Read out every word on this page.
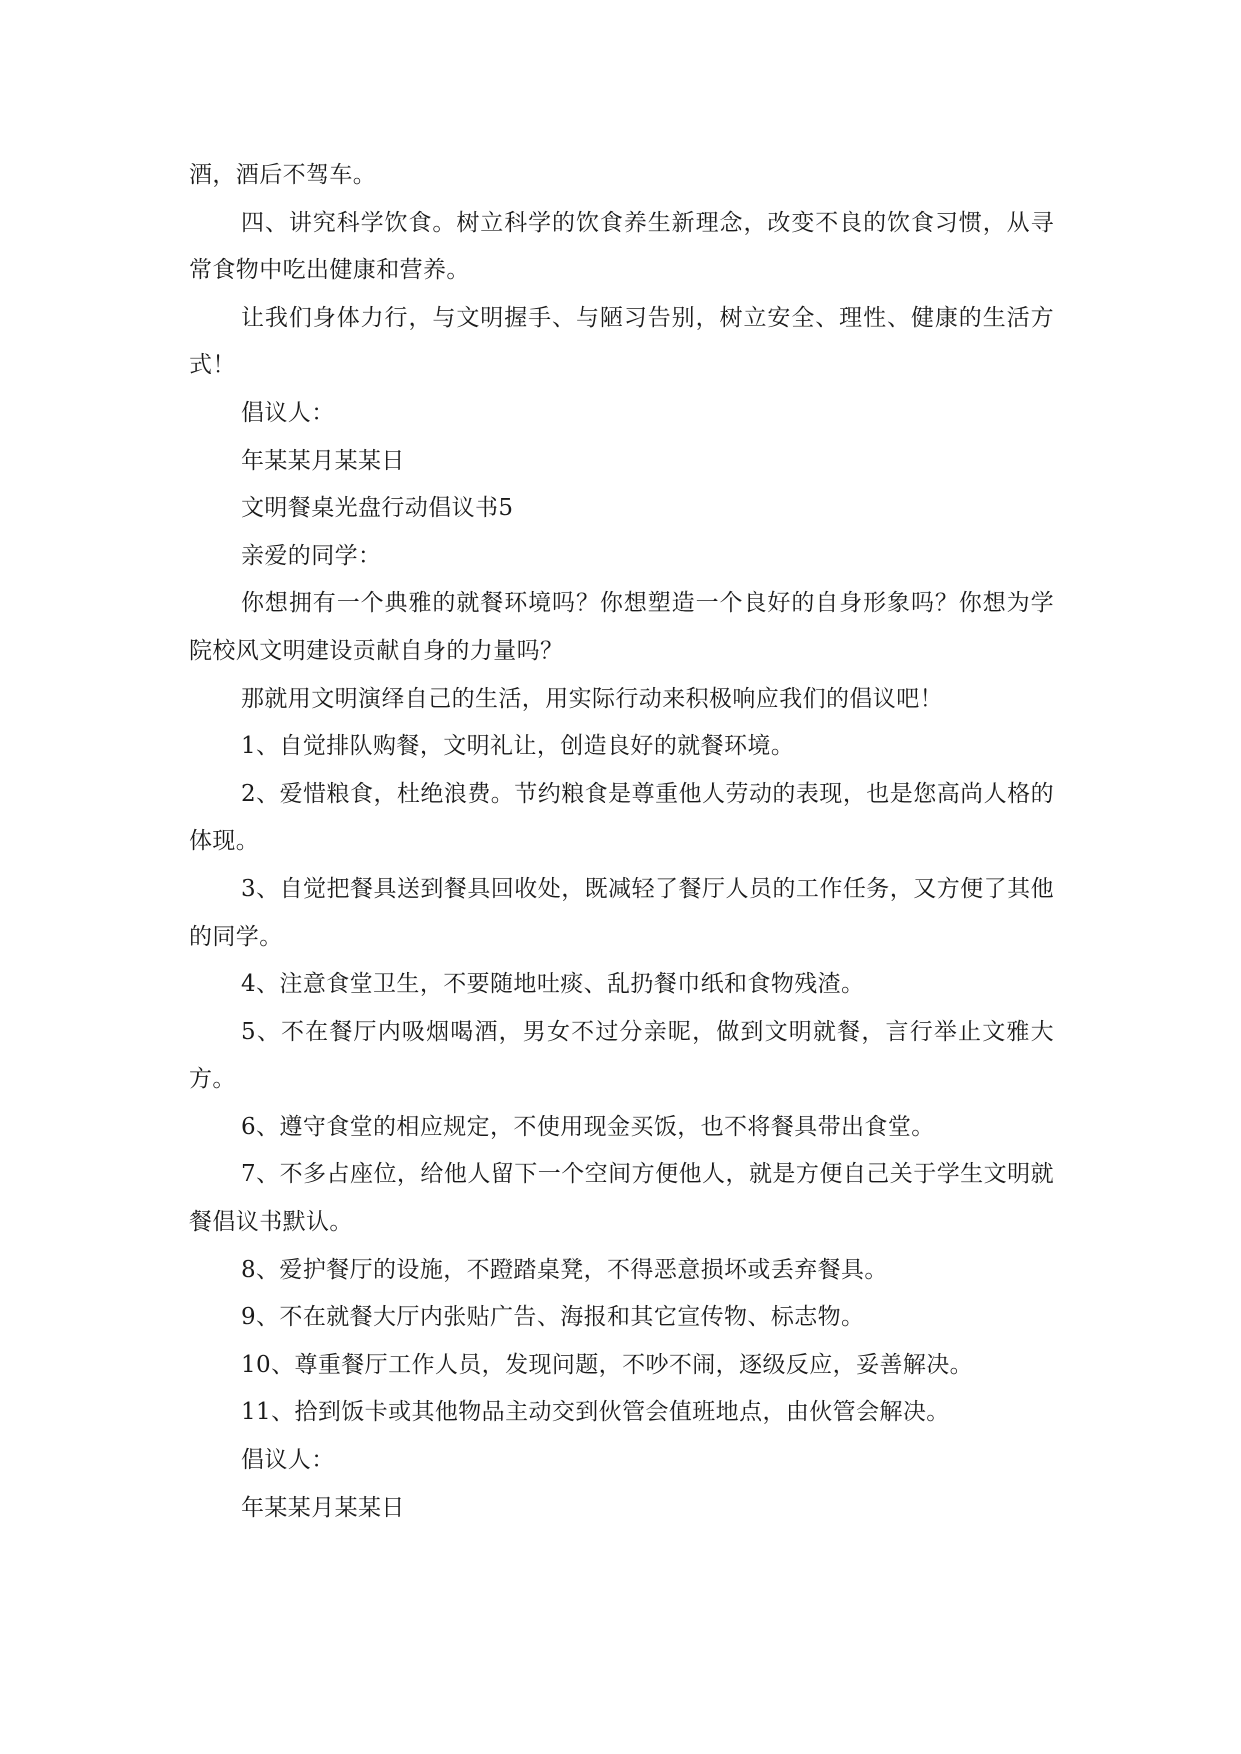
酒，酒后不驾车。

四、讲究科学饮食。树立科学的饮食养生新理念，改变不良的饮食习惯，从寻常食物中吃出健康和营养。

让我们身体力行，与文明握手、与陋习告别，树立安全、理性、健康的生活方式！

倡议人：

年某某月某某日

文明餐桌光盘行动倡议书5

亲爱的同学：

你想拥有一个典雅的就餐环境吗？你想塑造一个良好的自身形象吗？你想为学院校风文明建设贡献自身的力量吗？

那就用文明演绎自己的生活，用实际行动来积极响应我们的倡议吧！

1、自觉排队购餐，文明礼让，创造良好的就餐环境。

2、爱惜粮食，杜绝浪费。节约粮食是尊重他人劳动的表现，也是您高尚人格的体现。

3、自觉把餐具送到餐具回收处，既减轻了餐厅人员的工作任务，又方便了其他的同学。

4、注意食堂卫生，不要随地吐痰、乱扔餐巾纸和食物残渣。

5、不在餐厅内吸烟喝酒，男女不过分亲昵，做到文明就餐，言行举止文雅大方。

6、遵守食堂的相应规定，不使用现金买饭，也不将餐具带出食堂。

7、不多占座位，给他人留下一个空间方便他人，就是方便自己关于学生文明就餐倡议书默认。

8、爱护餐厅的设施，不蹬踏桌凳，不得恶意损坏或丢弃餐具。

9、不在就餐大厅内张贴广告、海报和其它宣传物、标志物。

10、尊重餐厅工作人员，发现问题，不吵不闹，逐级反应，妥善解决。

11、拾到饭卡或其他物品主动交到伙管会值班地点，由伙管会解决。

倡议人：

年某某月某某日
